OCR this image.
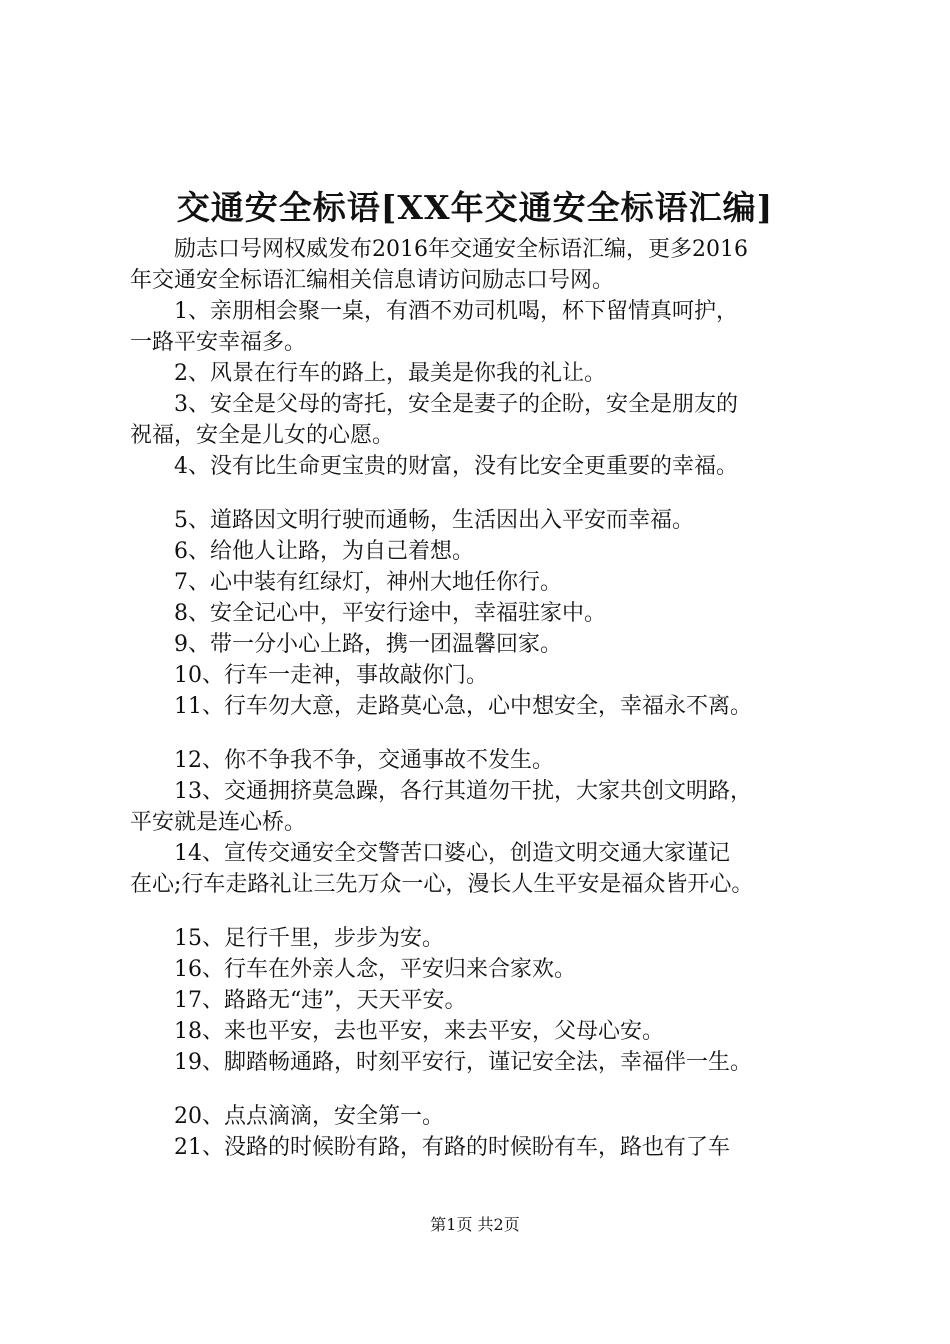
交通安全标语[XX年交通安全标语汇编]

励志口号网权威发布2016年交通安全标语汇编，更多2016

年交通安全标语汇编相关信息请访问励志口号网。

1、亲朋相会聚一桌，有酒不劝司机喝，杯下留情真呵护，

一路平安幸福多。

2、风景在行车的路上，最美是你我的礼让。

3、安全是父母的寄托，安全是妻子的企盼，安全是朋友的

祝福，安全是儿女的心愿。

4、没有比生命更宝贵的财富，没有比安全更重要的幸福。

5、道路因文明行驶而通畅，生活因出入平安而幸福。

6、给他人让路，为自己着想。

7、心中装有红绿灯，神州大地任你行。

8、安全记心中，平安行途中，幸福驻家中。

9、带一分小心上路，携一团温馨回家。

10、行车一走神，事故敲你门。

11、行车勿大意，走路莫心急，心中想安全，幸福永不离。

12、你不争我不争，交通事故不发生。

13、交通拥挤莫急躁，各行其道勿干扰，大家共创文明路，

平安就是连心桥。

14、宣传交通安全交警苦口婆心，创造文明交通大家谨记

在心;行车走路礼让三先万众一心，漫长人生平安是福众皆开心。

15、足行千里，步步为安。

16、行车在外亲人念，平安归来合家欢。

17、路路无“违”，天天平安。

18、来也平安，去也平安，来去平安，父母心安。

19、脚踏畅通路，时刻平安行，谨记安全法，幸福伴一生。

20、点点滴滴，安全第一。

21、没路的时候盼有路，有路的时候盼有车，路也有了车

第1页 共2页
